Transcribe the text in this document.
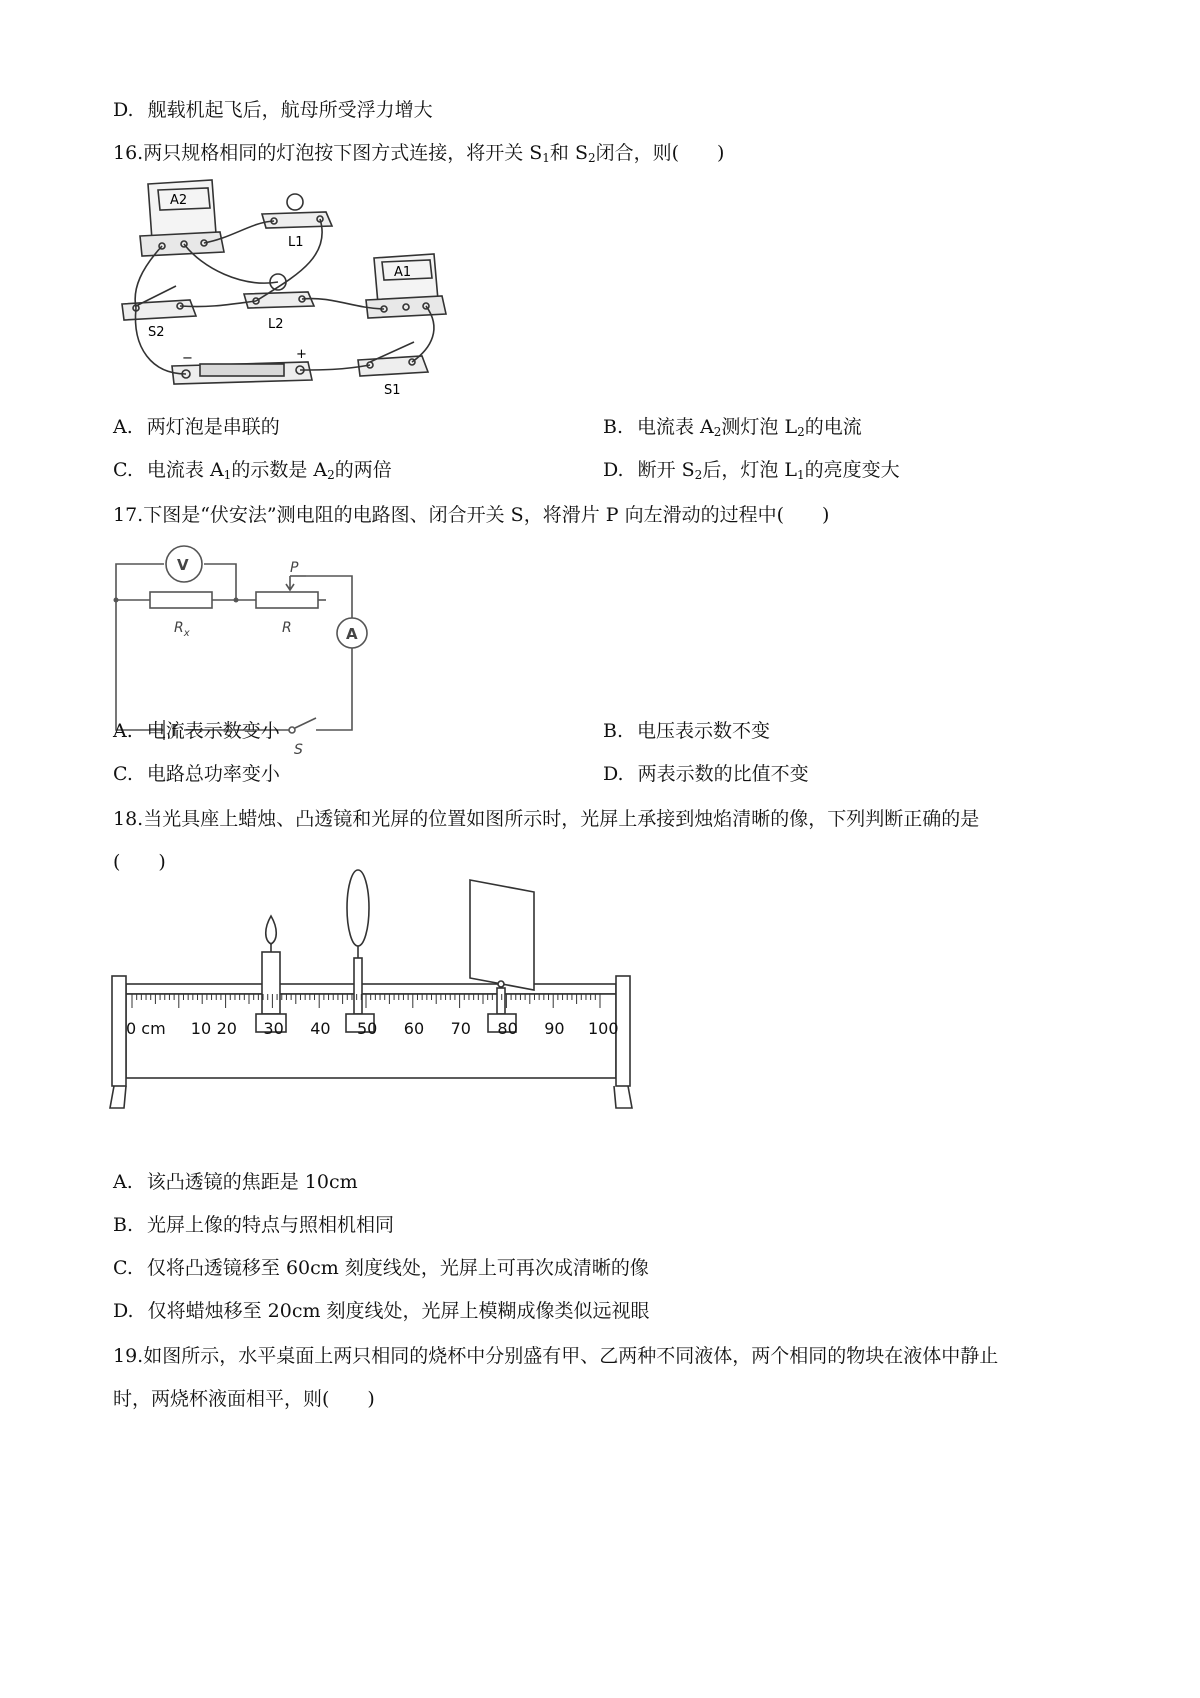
D. 舰载机起飞后，航母所受浮力增大
16.两只规格相同的灯泡按下图方式连接，将开关 $S_1$和 $S_2$闭合，则(　　)
A2
A1
L1
L2
S2
S1
−	+
A. 两灯泡是串联的	B. 电流表 $A_2$测灯泡 $L_2$的电流
C. 电流表 $A_1$的示数是 $A_2$的两倍	D. 断开 $S_2$后，灯泡 $L_1$的亮度变大
17.下图是“伏安法”测电阻的电路图、闭合开关 S，将滑片 P 向左滑动的过程中(　　)
V
A
P
$R_x$	R
S
A. 电流表示数变小	B. 电压表示数不变
C. 电路总功率变小	D. 两表示数的比值不变
18.当光具座上蜡烛、凸透镜和光屏的位置如图所示时，光屏上承接到烛焰清晰的像，下列判断正确的是
(　　)
0 cm 10 20 30 40 50 60 70 80 90 100
A. 该凸透镜的焦距是 10cm
B. 光屏上像的特点与照相机相同
C. 仅将凸透镜移至 60cm 刻度线处，光屏上可再次成清晰的像
D. 仅将蜡烛移至 20cm 刻度线处，光屏上模糊成像类似远视眼
19.如图所示，水平桌面上两只相同的烧杯中分别盛有甲、乙两种不同液体，两个相同的物块在液体中静止
时，两烧杯液面相平，则(　　)
